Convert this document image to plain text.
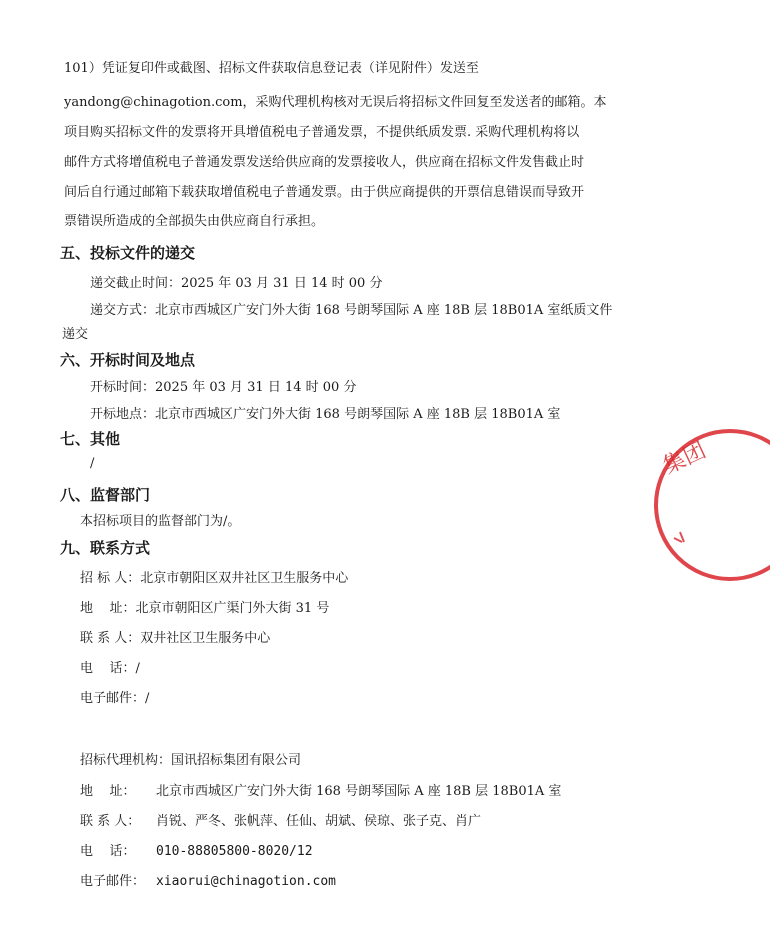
101）凭证复印件或截图、招标文件获取信息登记表（详见附件）发送至
yandong@chinagotion.com，采购代理机构核对无误后将招标文件回复至发送者的邮箱。本
项目购买招标文件的发票将开具增值税电子普通发票，不提供纸质发票. 采购代理机构将以
邮件方式将增值税电子普通发票发送给供应商的发票接收人，供应商在招标文件发售截止时
间后自行通过邮箱下载获取增值税电子普通发票。由于供应商提供的开票信息错误而导致开
票错误所造成的全部损失由供应商自行承担。
五、投标文件的递交
递交截止时间：2025 年 03 月 31 日 14 时 00 分
递交方式：北京市西城区广安门外大街 168 号朗琴国际 A 座 18B 层 18B01A 室纸质文件
递交
六、开标时间及地点
开标时间：2025 年 03 月 31 日 14 时 00 分
开标地点：北京市西城区广安门外大街 168 号朗琴国际 A 座 18B 层 18B01A 室
七、其他
/
八、监督部门
本招标项目的监督部门为/。
九、联系方式
招 标 人：北京市朝阳区双井社区卫生服务中心
地    址：北京市朝阳区广渠门外大街 31 号
联 系 人：双井社区卫生服务中心
电    话：/
电子邮件：/
招标代理机构：国讯招标集团有限公司
地    址： 北京市西城区广安门外大街 168 号朗琴国际 A 座 18B 层 18B01A 室
联 系 人： 肖锐、严冬、张帆萍、任仙、胡斌、侯琼、张子克、肖广
电    话： 010-88805800-8020/12
电子邮件： xiaorui@chinagotion.com
集团
